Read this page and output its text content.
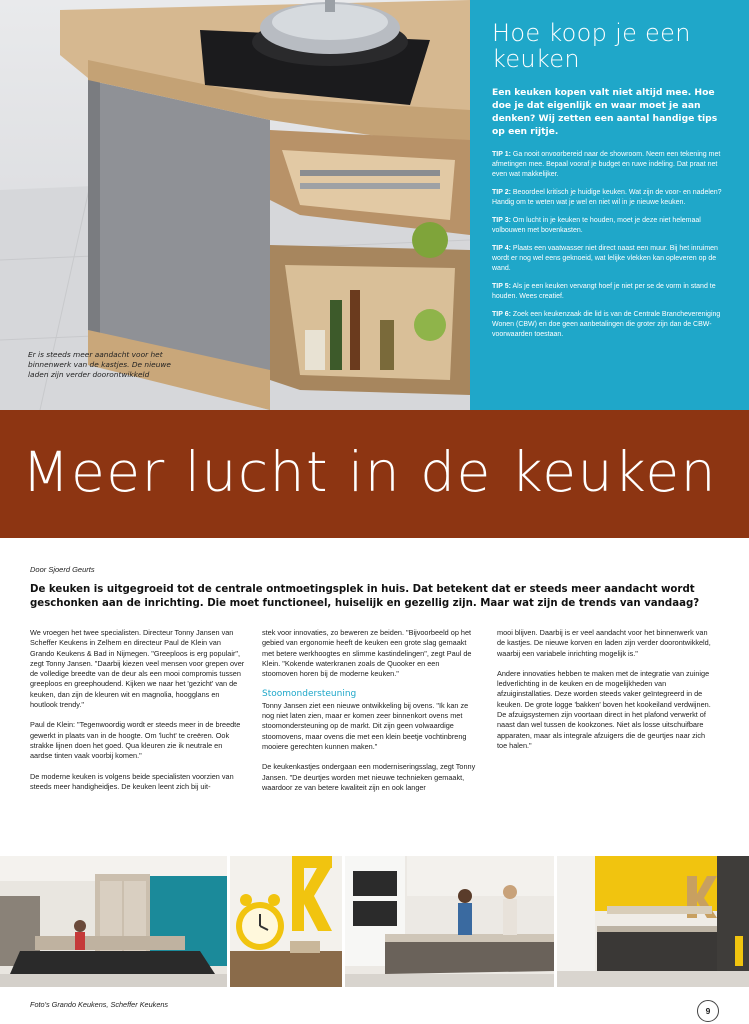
Er is steeds meer aandacht voor het binnenwerk van de kastjes. De nieuwe laden zijn verder doorontwikkeld
Hoe koop je een keuken

Een keuken kopen valt niet altijd mee. Hoe doe je dat eigenlijk en waar moet je aan denken? Wij zetten een aantal handige tips op een rijtje.

TIP 1: Ga nooit onvoorbereid naar de showroom. Neem een tekening met afmetingen mee. Bepaal vooraf je budget en ruwe indeling. Dat praat net even wat makkelijker.

TIP 2: Beoordeel kritisch je huidige keuken. Wat zijn de voor- en nadelen? Handig om te weten wat je wel en niet wil in je nieuwe keuken.

TIP 3: Om lucht in je keuken te houden, moet je deze niet helemaal volbouwen met bovenkasten.

TIP 4: Plaats een vaatwasser niet direct naast een muur. Bij het inruimen wordt er nog wel eens geknoeid, wat lelijke vlekken kan opleveren op de wand.

TIP 5: Als je een keuken vervangt hoef je niet per se de vorm in stand te houden. Wees creatief.

TIP 6: Zoek een keukenzaak die lid is van de Centrale Branchevereniging Wonen (CBW) en doe geen aanbetalingen die groter zijn dan de CBW-voorwaarden toestaan.

Meer lucht in de keuken
Door Sjoerd Geurts

De keuken is uitgegroeid tot de centrale ontmoetingsplek in huis. Dat betekent dat er steeds meer aandacht wordt geschonken aan de inrichting. Die moet functioneel, huiselijk en gezellig zijn. Maar wat zijn de trends van vandaag?

We vroegen het twee specialisten. Directeur Tonny Jansen van Scheffer Keukens in Zelhem en directeur Paul de Klein van Grando Keukens & Bad in Nijmegen. "Greeploos is erg populair", zegt Tonny Jansen. "Daarbij kiezen veel mensen voor grepen over de volledige breedte van de deur als een mooi compromis tussen greeploos en greephoudend. Kijken we naar het 'gezicht' van de keuken, dan zijn de kleuren wit en magnolia, hoogglans en houtlook trendy."

Paul de Klein: "Tegenwoordig wordt er steeds meer in de breedte gewerkt in plaats van in de hoogte. Om 'lucht' te creëren. Ook strakke lijnen doen het goed. Qua kleuren zie ik neutrale en aardse tinten vaak voorbij komen."

De moderne keuken is volgens beide specialisten voorzien van steeds meer handigheidjes. De keuken leent zich bij uit-

stek voor innovaties, zo beweren ze beiden. "Bijvoorbeeld op het gebied van ergonomie heeft de keuken een grote slag gemaakt met betere werkhoogtes en slimme kastindelingen", zegt Paul de Klein. "Kokende waterkranen zoals de Quooker en een stoomoven horen bij de moderne keuken."

Stoomondersteuning

Tonny Jansen ziet een nieuwe ontwikkeling bij ovens. "Ik kan ze nog niet laten zien, maar er komen zeer binnenkort ovens met stoomondersteuning op de markt. Dit zijn geen volwaardige stoomovens, maar ovens die met een klein beetje vochtinbreng mooiere gerechten kunnen maken."

De keukenkastjes ondergaan een moderniseringsslag, zegt Tonny Jansen. "De deurtjes worden met nieuwe technieken gemaakt, waardoor ze van betere kwaliteit zijn en ook langer

mooi blijven. Daarbij is er veel aandacht voor het binnenwerk van de kastjes. De nieuwe korven en laden zijn verder doorontwikkeld, waarbij een variabele inrichting mogelijk is."

Andere innovaties hebben te maken met de integratie van zuinige ledverlichting in de keuken en de mogelijkheden van afzuiginstallaties. Deze worden steeds vaker geïntegreerd in de keuken. De grote logge 'bakken' boven het kookeiland verdwijnen. De afzuigsystemen zijn voortaan direct in het plafond verwerkt of naast dan wel tussen de kookzones. Niet als losse uitschuifbare apparaten, maar als integrale afzuigers die de geurtjes naar zich toe halen."

Foto's Grando Keukens, Scheffer Keukens
9
